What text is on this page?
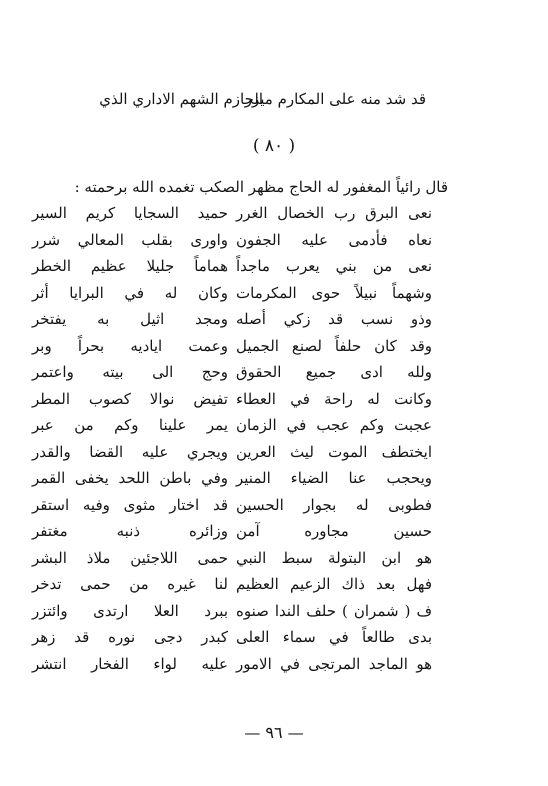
قد شد منه على المكارم ميزر
الحازم الشهم الاداري الذي
( ٨٠ )
قال رائياً المغفور له الحاج مظهر الصكب تغمده الله برحمته :
نعى البرق رب الخصال الغرر
حميد السجايا كريم السير
نعاه فأدمى عليه الجفون
واورى بقلب المعالي شرر
نعى من بني يعرب ماجداً
هماماً جليلا عظيم الخطر
وشهماً نبيلاً حوى المكرمات
وكان له في البرايا أثر
وذو نسب قد زكي أصله
ومجد اثيل به يفتخر
وقد كان حلفاً لصنع الجميل
وعمت اياديه بحراً وبر
ولله ادى جميع الحقوق
وحج الى بيته واعتمر
وكانت له راحة في العطاء
تفيض نوالا كصوب المطر
عجبت وكم عجب في الزمان
يمر علينا وكم من عبر
ايختطف الموت ليث العرين
ويجري عليه القضا والقدر
ويحجب عنا الضياء المنير
وفي باطن اللحد يخفى القمر
فطوبى له بجوار الحسين
قد اختار مثوى وفيه استقر
حسين مجاوره آمن
وزائره ذنبه مغتفر
هو ابن البتولة سبط النبي
حمى اللاجئين ملاذ البشر
فهل بعد ذاك الزعيم العظيم
لنا غيره من حمى تدخر
ف ( شمران ) حلف الندا صنوه
ببرد العلا ارتدى وائتزر
بدى طالعاً في سماء العلى
كبدر دجى نوره قد زهر
هو الماجد المرتجى في الامور
عليه لواء الفخار انتشر
— ٩٦ —
